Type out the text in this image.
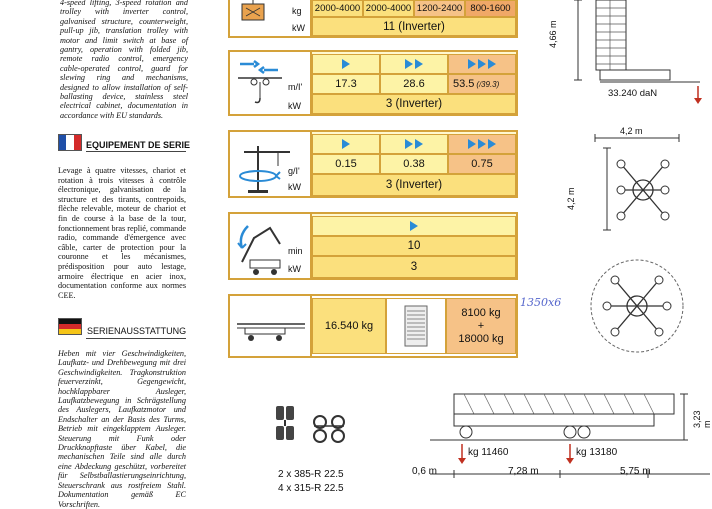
4-speed lifting, 3-speed rotation and trolley with inverter control, galvanised structure, counterweight, pull-up jib, translation trolley with motor and limit switch at base of gantry, operation with folded jib, remote radio control, emergency cable-operated control, guard for slewing ring and mechanisms, designed to allow installation of self-ballasting device, stainless steel electrical cabinet, documentation in accordance with EU standards.
EQUIPEMENT DE SERIE
Levage à quatre vitesses, chariot et rotation à trois vitesses à contrôle électronique, galvanisation de la structure et des tirants, contrepoids, flèche relevable, moteur de chariot et fin de course à la base de la tour, fonctionnement bras replié, commande radio, commande d'émergence avec câble, carter de protection pour la couronne et les mécanismes, prédisposition pour auto lestage, armoire électrique en acier inox, documentation conforme aux normes CEE.
SERIENAUSSTATTUNG
Heben mit vier Geschwindigkeiten, Laufkatz- und Drehbewegung mit drei Geschwindigkeiten. Tragkonstruktion feuerverzinkt, Gegengewicht, hochklappbarer Ausleger, Laufkatzbewegung in Schrägstellung des Auslegers, Laufkatzmotor und Endschalter an der Basis des Turms, Betrieb mit eingeklapptem Ausleger. Steuerung mit Funk oder Druckknopftaste über Kabel, die mechanischen Teile sind alle durch eine Abdeckung geschützt, vorbereitet für Selbstballastierungseinrichtung, Steuerschrank aus rostfreiem Stahl. Dokumentation gemäß EC Vorschriften.
kg
kW
2000-4000 2000-4000 1200-2400 800-1600
11 (Inverter)
m/I'
kW
17.3	28.6	53.5 (/39.3)
3 (Inverter)
g/I'
kW
0.15	0.38	0.75
3 (Inverter)
min
kW
10
3
16.540 kg
8100 kg
+
18000 kg
1350x6
4,66 m
33.240 daN
4,2 m
4,2 m
3,23 m
kg 11460	kg 13180
0,6 m	7,28 m	5,75 m
2 x 385-R 22.5
4 x 315-R 22.5
